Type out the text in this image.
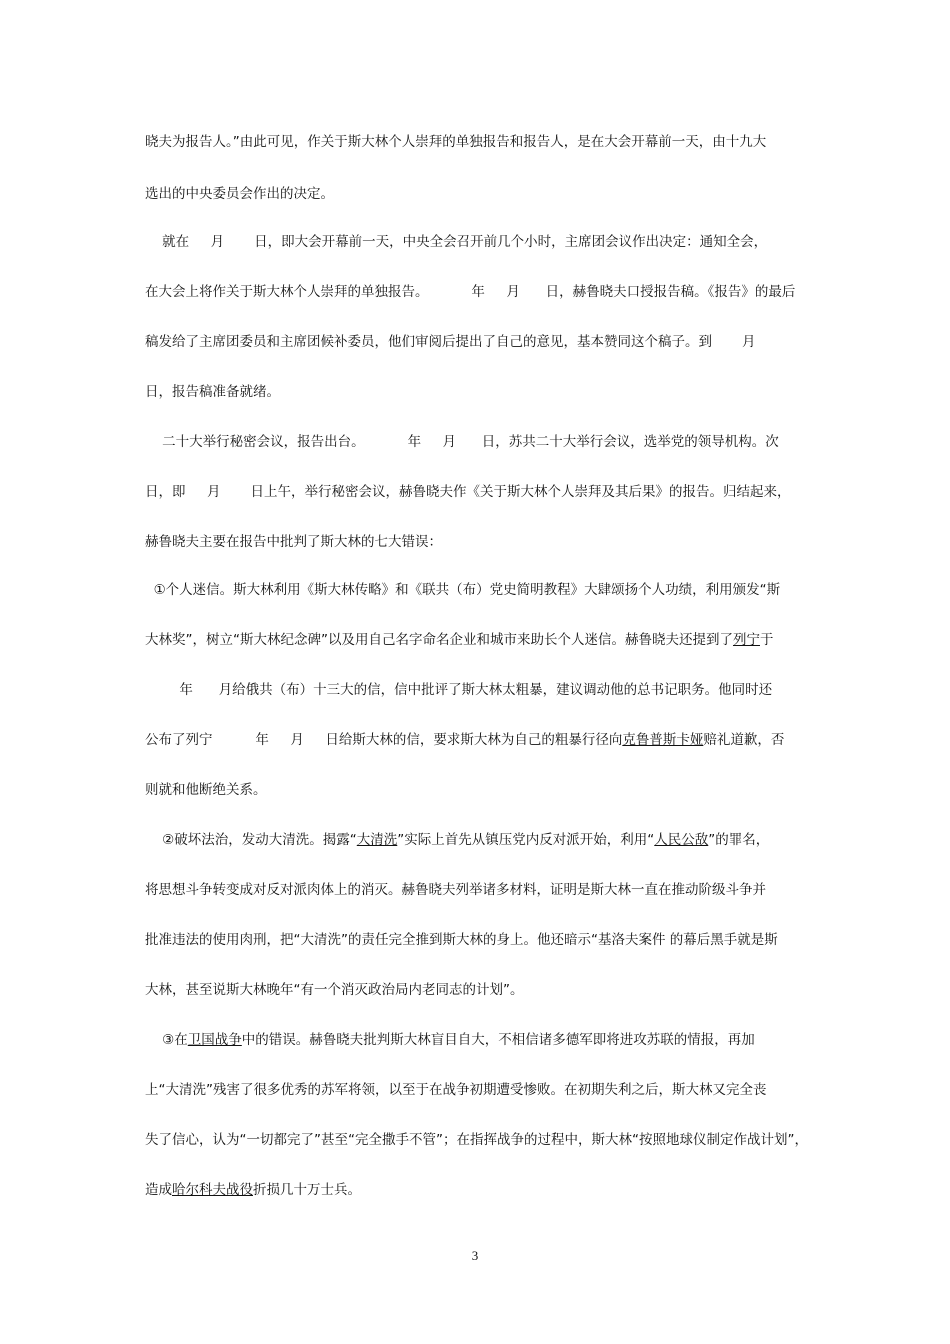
晓夫为报告人。”由此可见，作关于斯大林个人崇拜的单独报告和报告人，是在大会开幕前一天，由十九大
选出的中央委员会作出的决定。
就在     月       日，即大会开幕前一天，中央全会召开前几个小时，主席团会议作出决定：通知全会，
在大会上将作关于斯大林个人崇拜的单独报告。          年     月      日，赫鲁晓夫口授报告稿。《报告》的最后
稿发给了主席团委员和主席团候补委员，他们审阅后提出了自己的意见，基本赞同这个稿子。到       月
日，报告稿准备就绪。
二十大举行秘密会议，报告出台。          年     月      日，苏共二十大举行会议，选举党的领导机构。次
日，即     月       日上午，举行秘密会议，赫鲁晓夫作《关于斯大林个人崇拜及其后果》的报告。归结起来，
赫鲁晓夫主要在报告中批判了斯大林的七大错误：
①个人迷信。斯大林利用《斯大林传略》和《联共（布）党史简明教程》大肆颂扬个人功绩，利用颁发“斯
大林奖”，树立“斯大林纪念碑”以及用自己名字命名企业和城市来助长个人迷信。赫鲁晓夫还提到了列宁于
年      月给俄共（布）十三大的信，信中批评了斯大林太粗暴，建议调动他的总书记职务。他同时还
公布了列宁          年     月     日给斯大林的信，要求斯大林为自己的粗暴行径向克鲁普斯卡娅赔礼道歉，否
则就和他断绝关系。
②破坏法治，发动大清洗。揭露“大清洗”实际上首先从镇压党内反对派开始，利用“人民公敌”的罪名，
将思想斗争转变成对反对派肉体上的消灭。赫鲁晓夫列举诸多材料，证明是斯大林一直在推动阶级斗争并
批准违法的使用肉刑，把“大清洗”的责任完全推到斯大林的身上。他还暗示“基洛夫案件 的幕后黑手就是斯
大林，甚至说斯大林晚年“有一个消灭政治局内老同志的计划”。
③在卫国战争中的错误。赫鲁晓夫批判斯大林盲目自大，不相信诸多德军即将进攻苏联的情报，再加
上“大清洗”残害了很多优秀的苏军将领，以至于在战争初期遭受惨败。在初期失利之后，斯大林又完全丧
失了信心，认为“一切都完了”甚至“完全撒手不管”；在指挥战争的过程中，斯大林“按照地球仪制定作战计划”，
造成哈尔科夫战役折损几十万士兵。
3
